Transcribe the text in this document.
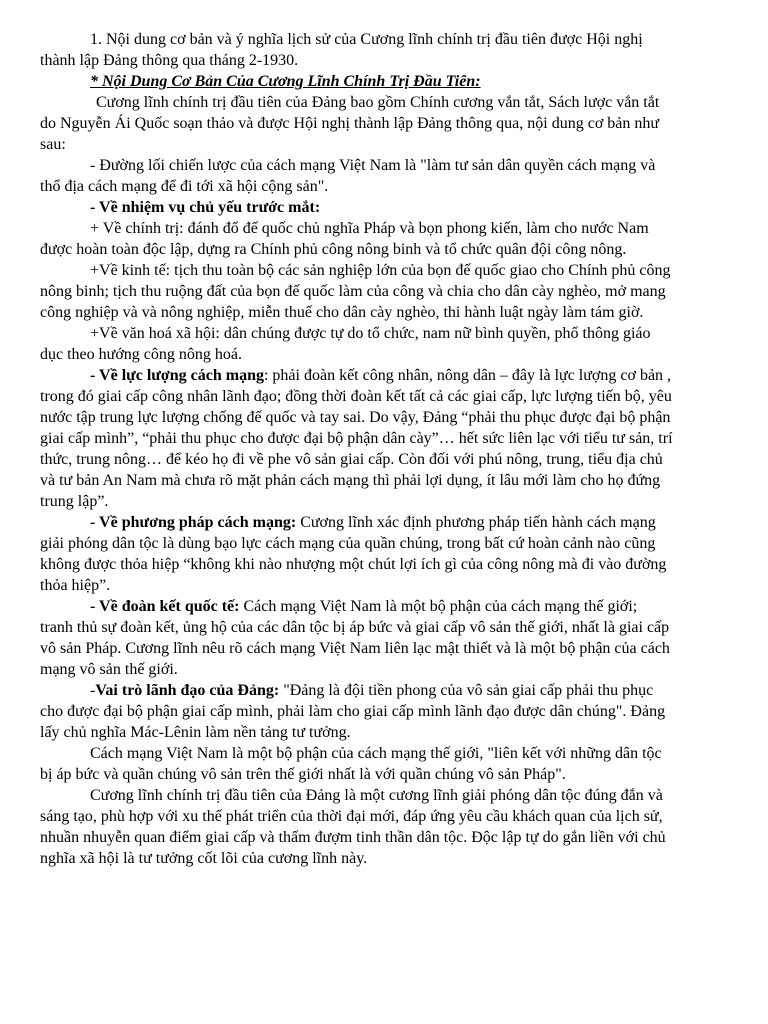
1. Nội dung cơ bản và ý nghĩa lịch sử của Cương lĩnh chính trị đầu tiên được Hội nghị thành lập Đảng thông qua tháng 2-1930.

* Nội Dung Cơ Bản Của Cương Lĩnh Chính Trị Đầu Tiên:

Cương lĩnh chính trị đầu tiên của Đảng bao gồm Chính cương vắn tắt, Sách lược vắn tắt do Nguyễn Ái Quốc soạn thảo và được Hội nghị thành lập Đảng thông qua, nội dung cơ bản như sau:

- Đường lối chiến lược của cách mạng Việt Nam là "làm tư sản dân quyền cách mạng và thổ địa cách mạng để đi tới xã hội cộng sản".

- Về nhiệm vụ chủ yếu trước mắt:

+ Về chính trị: đánh đổ đế quốc chủ nghĩa Pháp và bọn phong kiến, làm cho nước Nam được hoàn toàn độc lập, dựng ra Chính phủ công nông binh và tổ chức quân đội công nông.

+Về kinh tế: tịch thu toàn bộ các sản nghiệp lớn của bọn đế quốc giao cho Chính phủ công nông binh; tịch thu ruộng đất của bọn đế quốc làm của công và chia cho dân cày nghèo, mở mang công nghiệp và và nông nghiệp, miễn thuế cho dân cày nghèo, thi hành luật ngày làm tám giờ.

+Về văn hoá xã hội: dân chúng được tự do tổ chức, nam nữ bình quyền, phổ thông giáo dục theo hướng công nông hoá.

- Về lực lượng cách mạng: phải đoàn kết công nhân, nông dân – đây là lực lượng cơ bản , trong đó giai cấp công nhân lãnh đạo; đồng thời đoàn kết tất cả các giai cấp, lực lượng tiến bộ, yêu nước tập trung lực lượng chống đế quốc và tay sai. Do vậy, Đảng “phải thu phục được đại bộ phận giai cấp mình”, “phải thu phục cho được đại bộ phận dân cày”… hết sức liên lạc với tiểu tư sản, trí thức, trung nông… để kéo họ đi về phe vô sản giai cấp. Còn đối với phú nông, trung, tiểu địa chủ và tư bản An Nam mà chưa rõ mặt phản cách mạng thì phải lợi dụng, ít lâu mới làm cho họ đứng trung lập”.

- Về phương pháp cách mạng: Cương lĩnh xác định phương pháp tiến hành cách mạng giải phóng dân tộc là dùng bạo lực cách mạng của quần chúng, trong bất cứ hoàn cảnh nào cũng không được thỏa hiệp “không khi nào nhượng một chút lợi ích gì của công nông mà đi vào đường thỏa hiệp”.

- Về đoàn kết quốc tế: Cách mạng Việt Nam là một bộ phận của cách mạng thế giới; tranh thủ sự đoàn kết, ủng hộ của các dân tộc bị áp bức và giai cấp vô sản thế giới, nhất là giai cấp vô sản Pháp. Cương lĩnh nêu rõ cách mạng Việt Nam liên lạc mật thiết và là một bộ phận của cách mạng vô sản thế giới.

-Vai trò lãnh đạo của Đảng: "Đảng là đội tiền phong của vô sản giai cấp phải thu phục cho được đại bộ phận giai cấp mình, phải làm cho giai cấp mình lãnh đạo được dân chúng". Đảng lấy chủ nghĩa Mác-Lênin làm nền tảng tư tưởng.

Cách mạng Việt Nam là một bộ phận của cách mạng thế giới, "liên kết với những dân tộc bị áp bức và quần chúng vô sản trên thế giới nhất là với quần chúng vô sản Pháp".

Cương lĩnh chính trị đầu tiên của Đảng là một cương lĩnh giải phóng dân tộc đúng đắn và sáng tạo, phù hợp với xu thế phát triển của thời đại mới, đáp ứng yêu cầu khách quan của lịch sử, nhuần nhuyễn quan điểm giai cấp và thấm đượm tinh thần dân tộc. Độc lập tự do gắn liền với chủ nghĩa xã hội là tư tưởng cốt lõi của cương lĩnh này.
